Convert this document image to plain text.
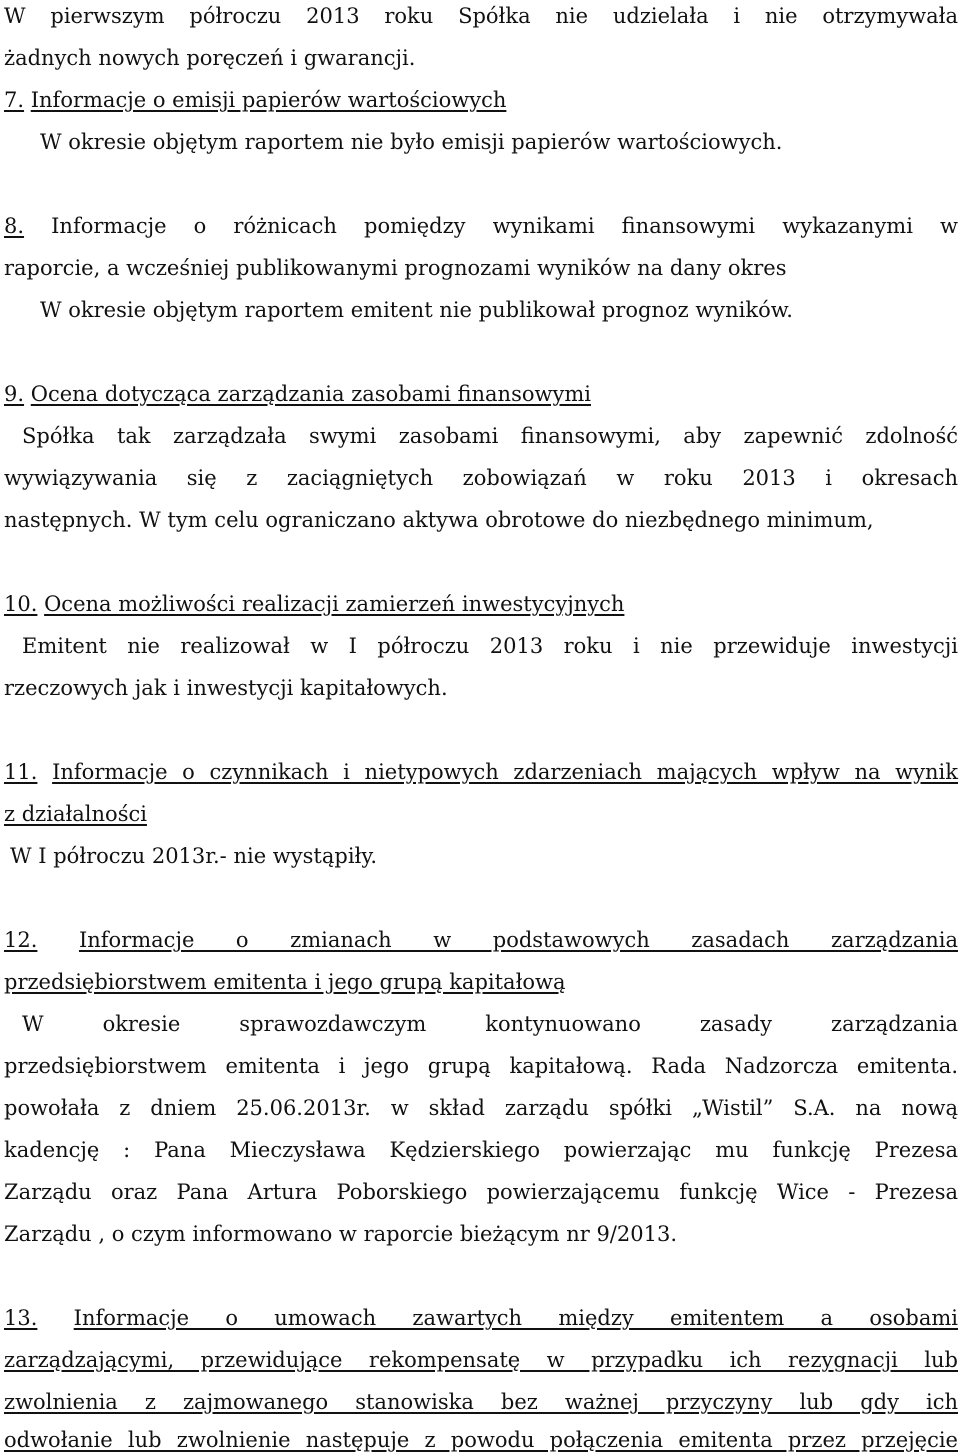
W pierwszym półroczu 2013 roku Spółka nie udzielała i nie otrzymywała
żadnych nowych poręczeń i gwarancji.
7. Informacje o emisji papierów wartościowych
W okresie objętym raportem nie było emisji papierów wartościowych.
8. Informacje o różnicach pomiędzy wynikami finansowymi wykazanymi w
raporcie, a wcześniej publikowanymi prognozami wyników na dany okres
W okresie objętym raportem emitent nie publikował prognoz wyników.
9. Ocena dotycząca zarządzania zasobami finansowymi
Spółka tak zarządzała swymi zasobami finansowymi, aby zapewnić zdolność
wywiązywania się z zaciągniętych zobowiązań w roku 2013 i okresach
następnych. W tym celu ograniczano aktywa obrotowe do niezbędnego minimum,
10. Ocena możliwości realizacji zamierzeń inwestycyjnych
Emitent nie realizował w I półroczu 2013 roku i nie przewiduje inwestycji
rzeczowych jak i inwestycji kapitałowych.
11. Informacje o czynnikach i nietypowych zdarzeniach mających wpływ na wynik
z działalności
W I półroczu 2013r.- nie wystąpiły.
12. Informacje o zmianach w podstawowych zasadach zarządzania
przedsiębiorstwem emitenta i jego grupą kapitałową
W okresie sprawozdawczym kontynuowano zasady zarządzania
przedsiębiorstwem emitenta i jego grupą kapitałową. Rada Nadzorcza emitenta.
powołała z dniem 25.06.2013r. w skład zarządu spółki „Wistil” S.A. na nową
kadencję : Pana Mieczysława Kędzierskiego powierzając mu funkcję Prezesa
Zarządu oraz Pana Artura Poborskiego powierzającemu funkcję Wice - Prezesa
Zarządu , o czym informowano w raporcie bieżącym nr 9/2013.
13. Informacje o umowach zawartych między emitentem a osobami
zarządzającymi, przewidujące rekompensatę w przypadku ich rezygnacji lub
zwolnienia z zajmowanego stanowiska bez ważnej przyczyny lub gdy ich
odwołanie lub zwolnienie następuje z powodu połączenia emitenta przez przejęcie
